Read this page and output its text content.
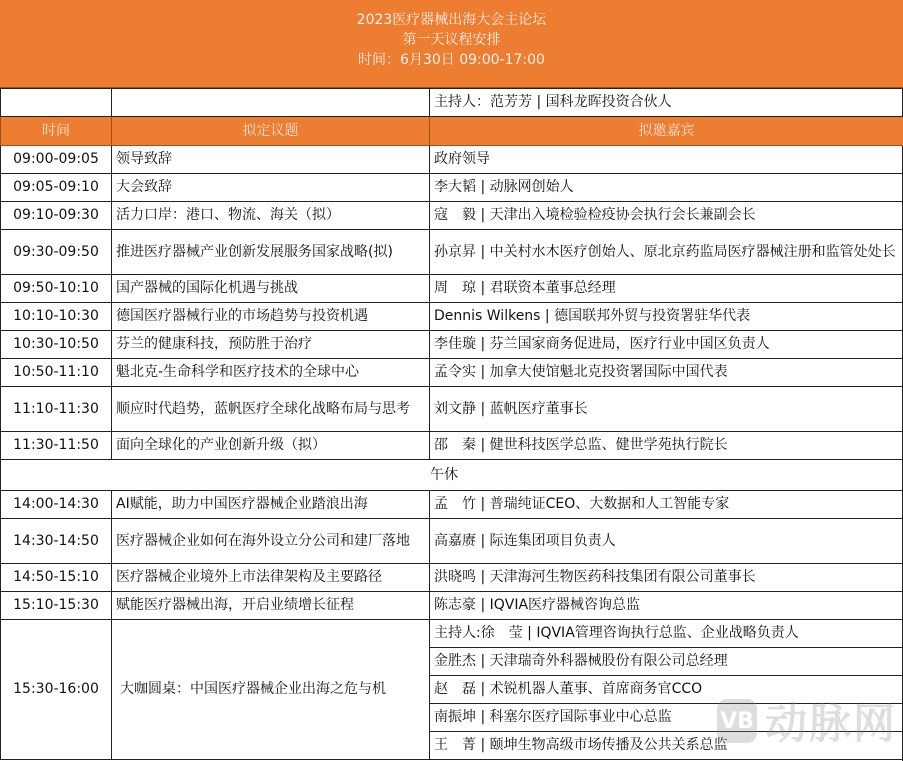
2023医疗器械出海大会主论坛
第一天议程安排
时间：6月30日 09:00-17:00
		主持人：范芳芳 | 国科龙晖投资合伙人
时间	拟定议题	拟邀嘉宾
09:00-09:05	领导致辞	政府领导
09:05-09:10	大会致辞	李大韬 | 动脉网创始人
09:10-09:30	活力口岸：港口、物流、海关（拟）	寇　毅 | 天津出入境检验检疫协会执行会长兼副会长
09:30-09:50	推进医疗器械产业创新发展服务国家战略(拟)	孙京昇 | 中关村水木医疗创始人、原北京药监局医疗器械注册和监管处处长
09:50-10:10	国产器械的国际化机遇与挑战	周　琼 | 君联资本董事总经理
10:10-10:30	德国医疗器械行业的市场趋势与投资机遇	Dennis Wilkens | 德国联邦外贸与投资署驻华代表
10:30-10:50	芬兰的健康科技，预防胜于治疗	李佳璇 | 芬兰国家商务促进局，医疗行业中国区负责人
10:50-11:10	魁北克-生命科学和医疗技术的全球中心	孟令实 | 加拿大使馆魁北克投资署国际中国代表
11:10-11:30	顺应时代趋势，蓝帆医疗全球化战略布局与思考	刘文静 | 蓝帆医疗董事长
11:30-11:50	面向全球化的产业创新升级（拟）	邵　秦 | 健世科技医学总监、健世学苑执行院长
午休		
14:00-14:30	AI赋能，助力中国医疗器械企业踏浪出海	孟　竹 | 普瑞纯证CEO、大数据和人工智能专家
14:30-14:50	医疗器械企业如何在海外设立分公司和建厂落地	高嘉赓 | 际连集团项目负责人
14:50-15:10	医疗器械企业境外上市法律架构及主要路径	洪晓鸣 | 天津海河生物医药科技集团有限公司董事长
15:10-15:30	赋能医疗器械出海，开启业绩增长征程	陈志豪 | IQVIA医疗器械咨询总监
15:30-16:00	大咖圆桌：中国医疗器械企业出海之危与机	主持人:徐　莹 | IQVIA管理咨询执行总监、企业战略负责人
		金胜杰 | 天津瑞奇外科器械股份有限公司总经理
		赵　磊 | 术锐机器人董事、首席商务官CCO
		南振坤 | 科塞尔医疗国际事业中心总监
		王　菁 | 颐坤生物高级市场传播及公共关系总监
VB 动脉网
